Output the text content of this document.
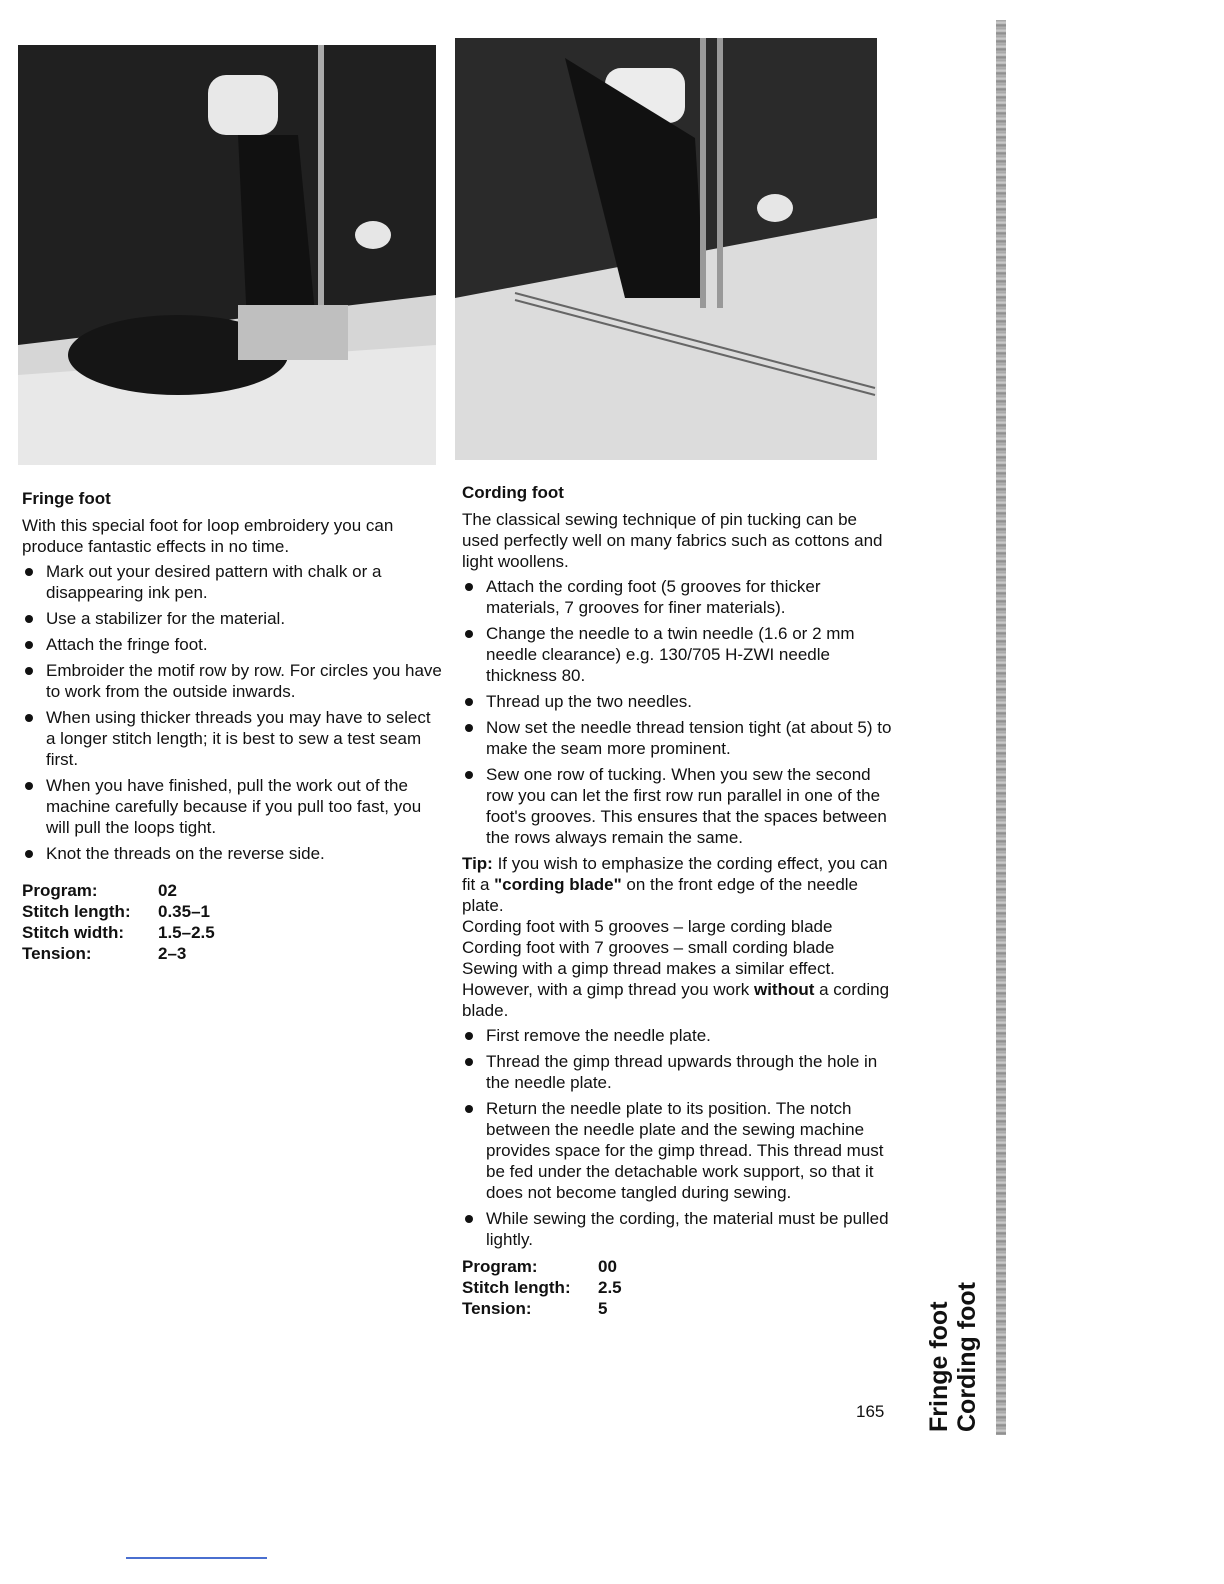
Fringe foot
With this special foot for loop embroidery you can produce fantastic effects in no time.
Mark out your desired pattern with chalk or a disappearing ink pen.
Use a stabilizer for the material.
Attach the fringe foot.
Embroider the motif row by row. For circles you have to work from the outside inwards.
When using thicker threads you may have to select a longer stitch length; it is best to sew a test seam first.
When you have finished, pull the work out of the machine carefully because if you pull too fast, you will pull the loops tight.
Knot the threads on the reverse side.
Program:	02
Stitch length:	0.35–1
Stitch width:	1.5–2.5
Tension:	2–3
Cording foot
The classical sewing technique of pin tucking can be used perfectly well on many fabrics such as cottons and light woollens.
Attach the cording foot (5 grooves for thicker materials, 7 grooves for finer materials).
Change the needle to a twin needle (1.6 or 2 mm needle clearance) e.g. 130/705 H-ZWI needle thickness 80.
Thread up the two needles.
Now set the needle thread tension tight (at about 5) to make the seam more prominent.
Sew one row of tucking. When you sew the second row you can let the first row run parallel in one of the foot's grooves. This ensures that the spaces between the rows always remain the same.

Tip: If you wish to emphasize the cording effect, you can fit a "cording blade" on the front edge of the needle plate.

Cording foot with 5 grooves – large cording blade

Cording foot with 7 grooves – small cording blade

Sewing with a gimp thread makes a similar effect.

However, with a gimp thread you work without a cording blade.

First remove the needle plate.
Thread the gimp thread upwards through the hole in the needle plate.
Return the needle plate to its position. The notch between the needle plate and the sewing machine provides space for the gimp thread. This thread must be fed under the detachable work support, so that it does not become tangled during sewing.
While sewing the cording, the material must be pulled lightly.
Program:	00
Stitch length:	2.5
Tension:	5
165 Fringe foot Cording foot
